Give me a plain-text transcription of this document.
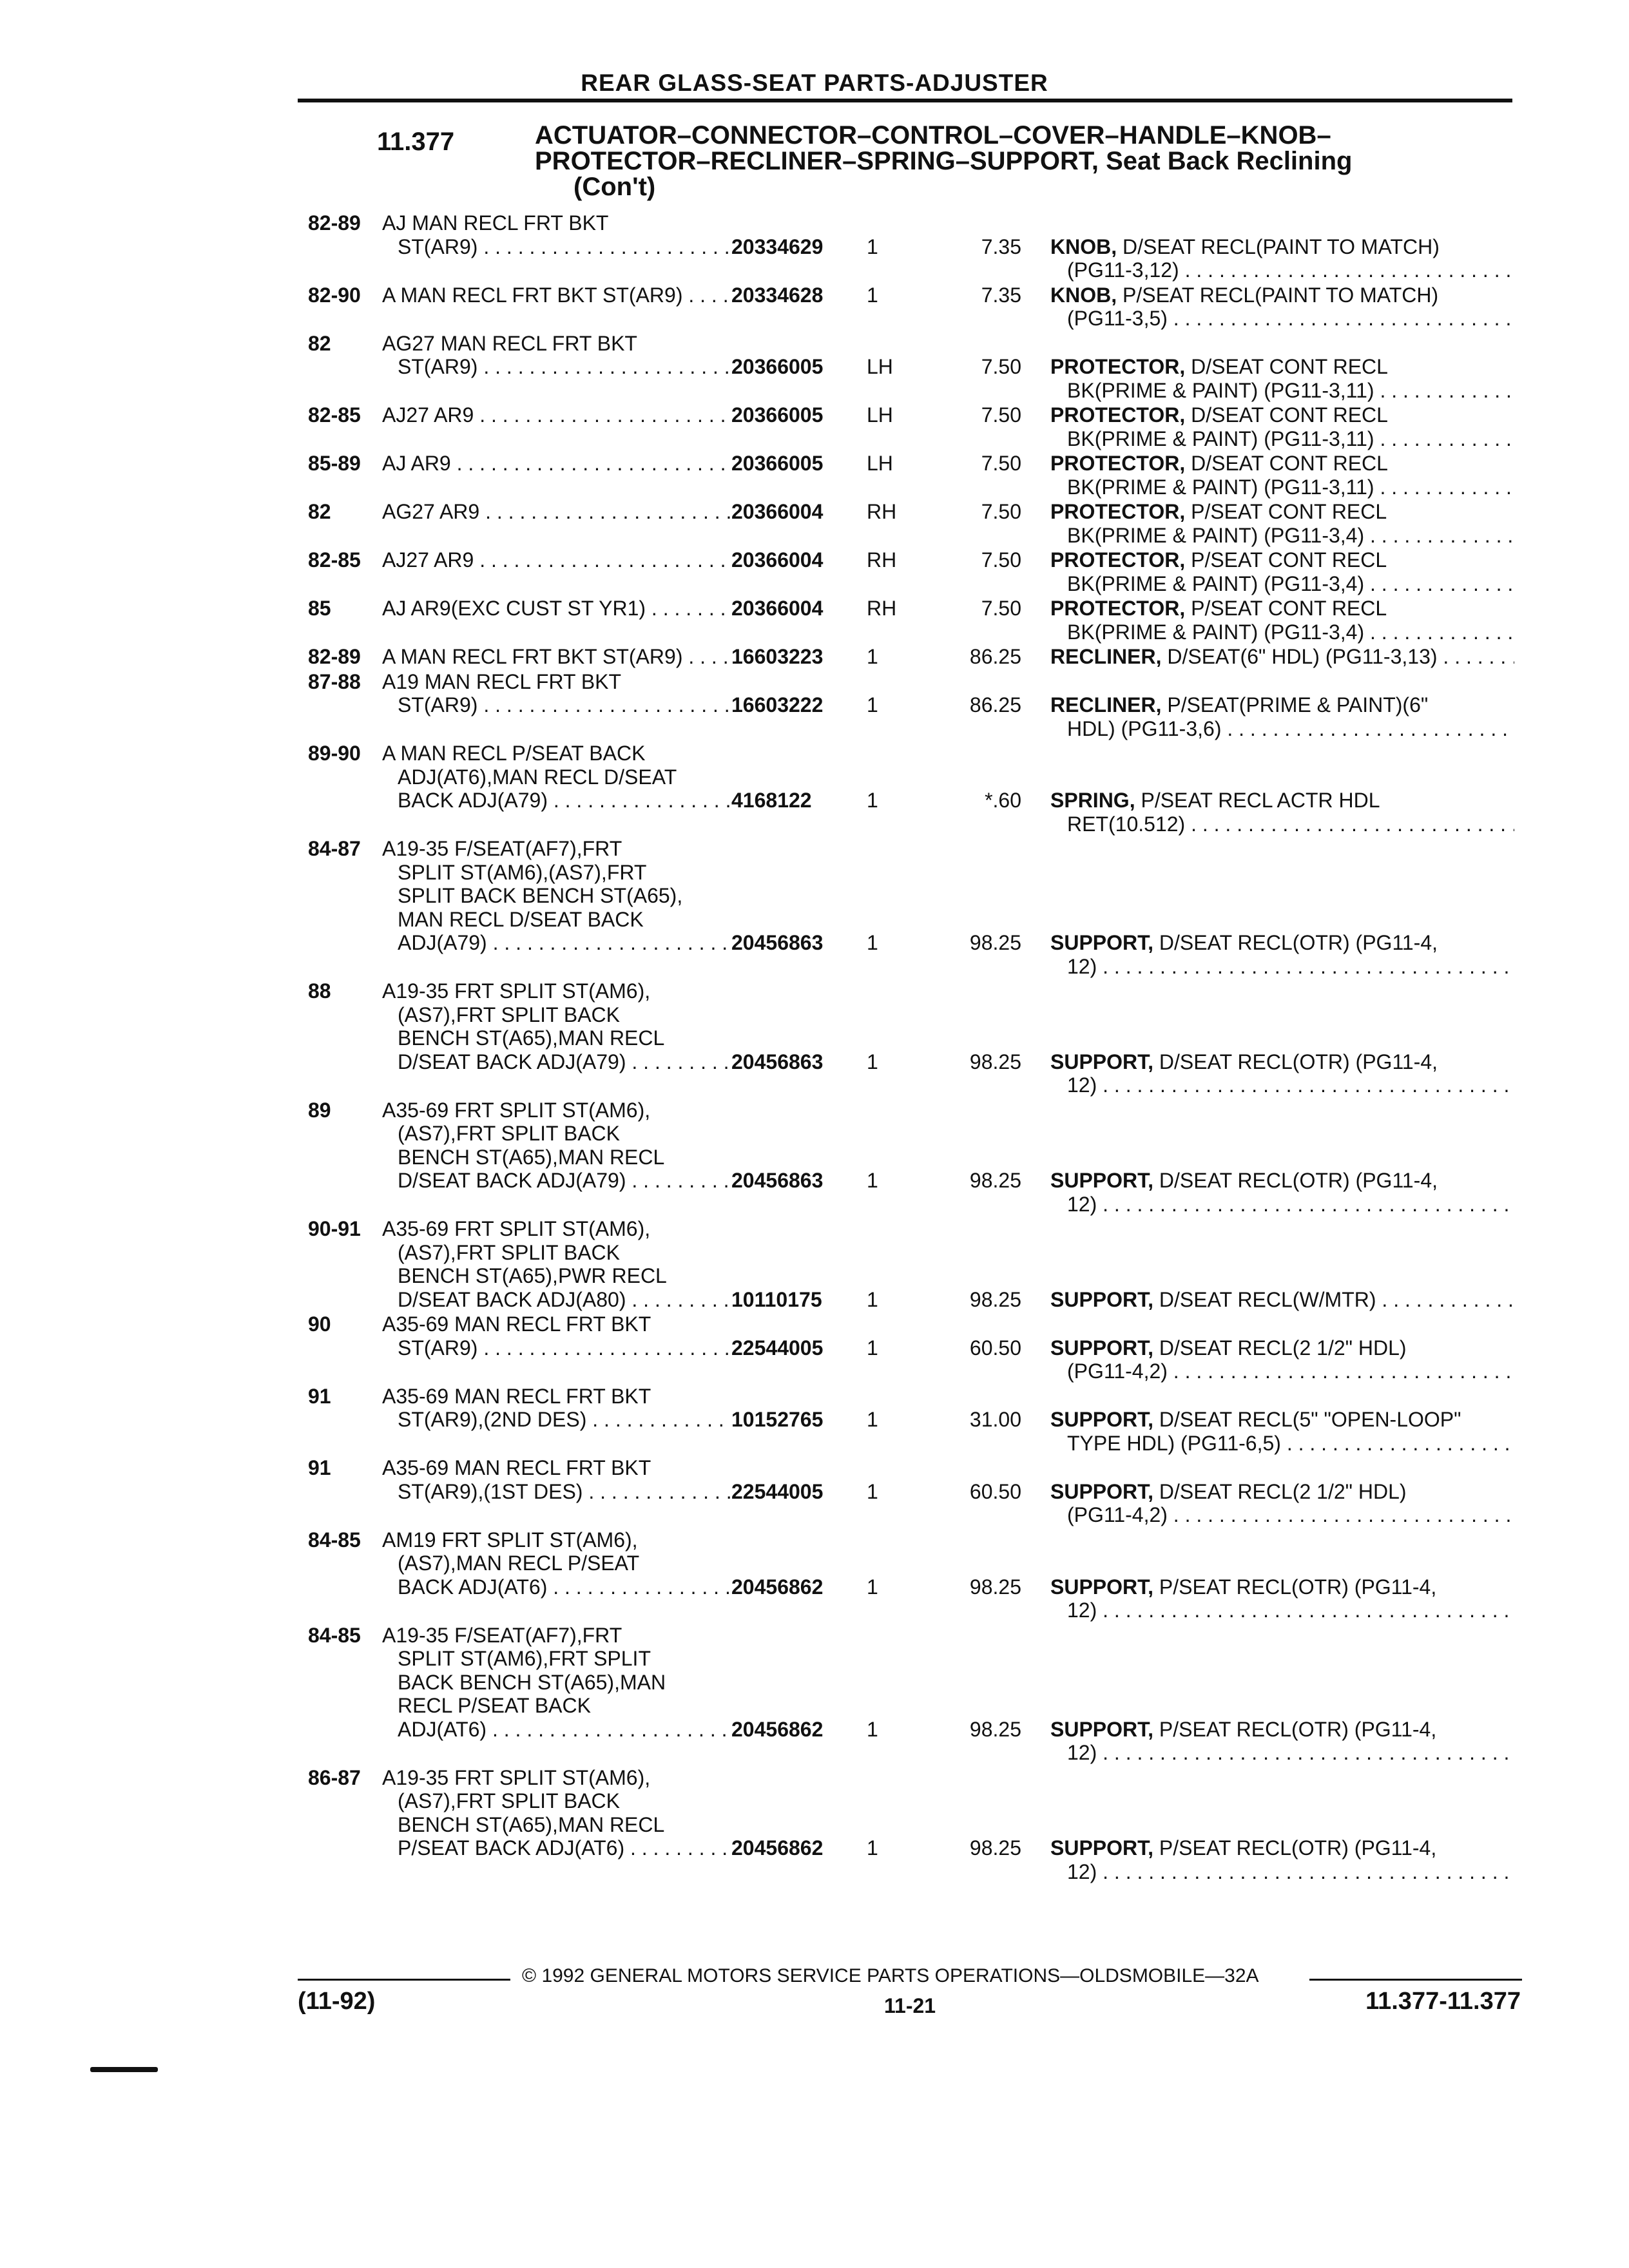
REAR GLASS-SEAT PARTS-ADJUSTER
11.377	ACTUATOR–CONNECTOR–CONTROL–COVER–HANDLE–KNOB–
PROTECTOR–RECLINER–SPRING–SUPPORT, Seat Back Reclining

(Con't)
82-89 AJ MAN RECL FRT BKT
ST(AR9) . . .	20334629	1	7.35 KNOB, D/SEAT RECL(PAINT TO MATCH)
(PG11-3,12) . . .
82-90 A MAN RECL FRT BKT ST(AR9) . . .	20334628	1	7.35 KNOB, P/SEAT RECL(PAINT TO MATCH)
(PG11-3,5) . . .
82 AG27 MAN RECL FRT BKT
ST(AR9) . . .	20366005	LH	7.50 PROTECTOR, D/SEAT CONT RECL
BK(PRIME & PAINT) (PG11-3,11) . . .
82-85 AJ27 AR9 . . .	20366005	LH	7.50 PROTECTOR, D/SEAT CONT RECL
BK(PRIME & PAINT) (PG11-3,11) . . .
85-89 AJ AR9 . . .	20366005	LH	7.50 PROTECTOR, D/SEAT CONT RECL
BK(PRIME & PAINT) (PG11-3,11) . . .
82 AG27 AR9 . . .	20366004	RH	7.50 PROTECTOR, P/SEAT CONT RECL
BK(PRIME & PAINT) (PG11-3,4) . . .
82-85 AJ27 AR9 . . .	20366004	RH	7.50 PROTECTOR, P/SEAT CONT RECL
BK(PRIME & PAINT) (PG11-3,4) . . .
85 AJ AR9(EXC CUST ST YR1) . . .	20366004	RH	7.50 PROTECTOR, P/SEAT CONT RECL
BK(PRIME & PAINT) (PG11-3,4) . . .
82-89 A MAN RECL FRT BKT ST(AR9) . . .	16603223	1	86.25 RECLINER, D/SEAT(6" HDL) (PG11-3,13) . . .
87-88 A19 MAN RECL FRT BKT
ST(AR9) . . .	16603222	1	86.25 RECLINER, P/SEAT(PRIME & PAINT)(6"
HDL) (PG11-3,6) . . .
89-90 A MAN RECL P/SEAT BACK
ADJ(AT6),MAN RECL D/SEAT
BACK ADJ(A79) . . .	4168122	1	*.60 SPRING, P/SEAT RECL ACTR HDL
RET(10.512) . . .
84-87 A19-35 F/SEAT(AF7),FRT
SPLIT ST(AM6),(AS7),FRT
SPLIT BACK BENCH ST(A65),
MAN RECL D/SEAT BACK
ADJ(A79) . . .	20456863	1	98.25 SUPPORT, D/SEAT RECL(OTR) (PG11-4,
12) . . .
88 A19-35 FRT SPLIT ST(AM6),
(AS7),FRT SPLIT BACK
BENCH ST(A65),MAN RECL
D/SEAT BACK ADJ(A79) . . .	20456863	1	98.25 SUPPORT, D/SEAT RECL(OTR) (PG11-4,
12) . . .
89 A35-69 FRT SPLIT ST(AM6),
(AS7),FRT SPLIT BACK
BENCH ST(A65),MAN RECL
D/SEAT BACK ADJ(A79) . . .	20456863	1	98.25 SUPPORT, D/SEAT RECL(OTR) (PG11-4,
12) . . .
90-91 A35-69 FRT SPLIT ST(AM6),
(AS7),FRT SPLIT BACK
BENCH ST(A65),PWR RECL
D/SEAT BACK ADJ(A80) . . .	10110175	1	98.25 SUPPORT, D/SEAT RECL(W/MTR) . . .
90 A35-69 MAN RECL FRT BKT
ST(AR9) . . .	22544005	1	60.50 SUPPORT, D/SEAT RECL(2 1/2" HDL)
(PG11-4,2) . . .
91 A35-69 MAN RECL FRT BKT
ST(AR9),(2ND DES) . . .	10152765	1	31.00 SUPPORT, D/SEAT RECL(5" "OPEN-LOOP"
TYPE HDL) (PG11-6,5) . . .
91 A35-69 MAN RECL FRT BKT
ST(AR9),(1ST DES) . . .	22544005	1	60.50 SUPPORT, D/SEAT RECL(2 1/2" HDL)
(PG11-4,2) . . .
84-85 AM19 FRT SPLIT ST(AM6),
(AS7),MAN RECL P/SEAT
BACK ADJ(AT6) . . .	20456862	1	98.25 SUPPORT, P/SEAT RECL(OTR) (PG11-4,
12) . . .
84-85 A19-35 F/SEAT(AF7),FRT
SPLIT ST(AM6),FRT SPLIT
BACK BENCH ST(A65),MAN
RECL P/SEAT BACK
ADJ(AT6) . . .	20456862	1	98.25 SUPPORT, P/SEAT RECL(OTR) (PG11-4,
12) . . .
86-87 A19-35 FRT SPLIT ST(AM6),
(AS7),FRT SPLIT BACK
BENCH ST(A65),MAN RECL
P/SEAT BACK ADJ(AT6) . . .	20456862	1	98.25 SUPPORT, P/SEAT RECL(OTR) (PG11-4,
12) . . .
© 1992 GENERAL MOTORS SERVICE PARTS OPERATIONS—OLDSMOBILE—32A
(11-92)	11-21	11.377-11.377
